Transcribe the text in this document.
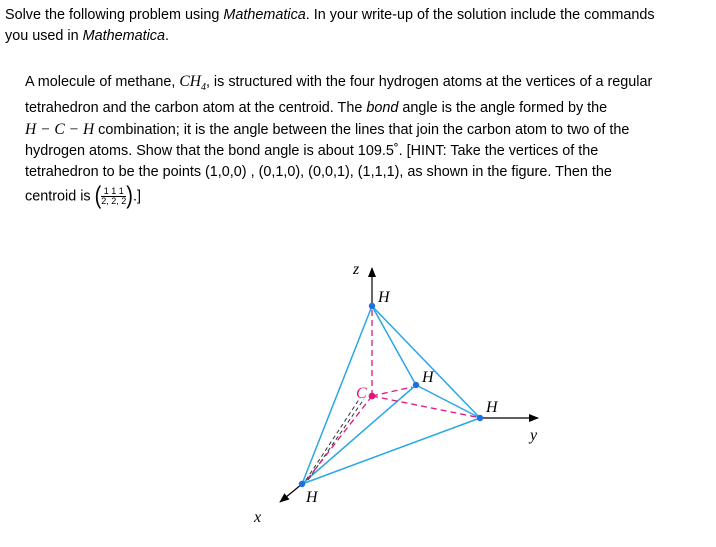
Solve the following problem using Mathematica. In your write-up of the solution include the commands
you used in Mathematica.
A molecule of methane, $CH_4$, is structured with the four hydrogen atoms at the vertices of a regular
tetrahedron and the carbon atom at the centroid. The bond angle is the angle formed by the
H − C − H combination; it is the angle between the lines that join the carbon atom to two of the
hydrogen atoms. Show that the bond angle is about 109.5˚. [HINT: Take the vertices of the
tetrahedron to be the points (1,0,0) , (0,1,0), (0,0,1), (1,1,1), as shown in the figure. Then the
centroid is ( $\frac{1 1 1}{2, 2, 2}$ ).]
z
H
H
C
H
y
H
x
